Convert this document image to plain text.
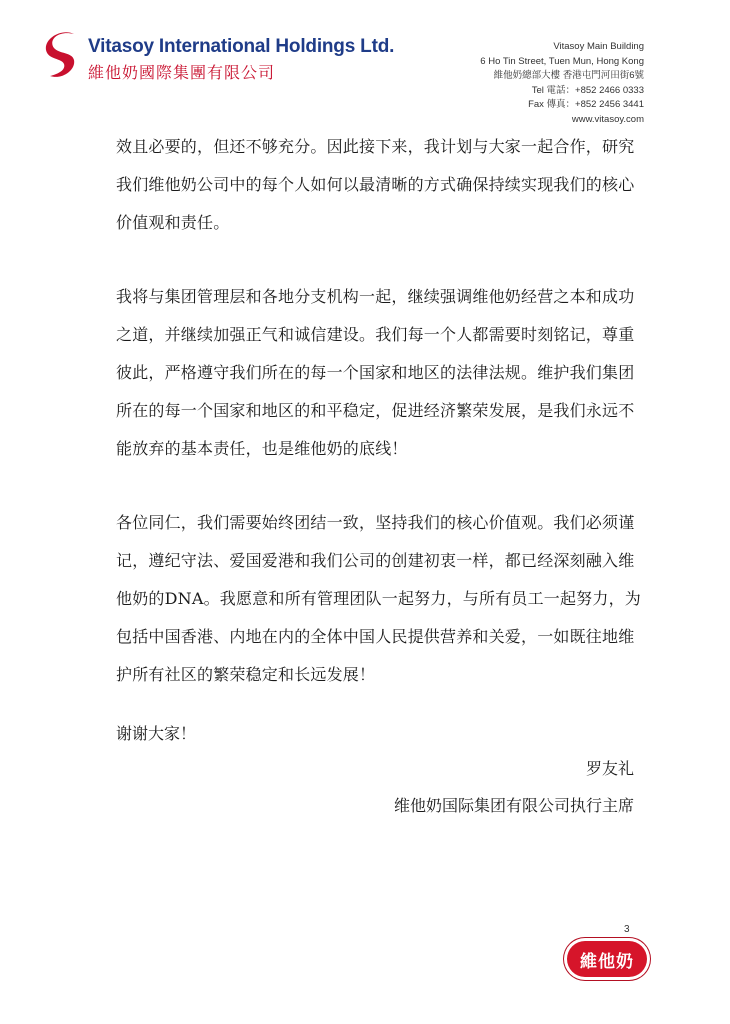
Vitasoy International Holdings Ltd.
維他奶國際集團有限公司
Vitasoy Main Building
6 Ho Tin Street, Tuen Mun, Hong Kong
維他奶總部大樓 香港屯門河田街6號
Tel 電話：+852 2466 0333
Fax 傳真：+852 2456 3441
www.vitasoy.com

效且必要的，但还不够充分。因此接下来，我计划与大家一起合作，研究我们维他奶公司中的每个人如何以最清晰的方式确保持续实现我们的核心价值观和责任。

我将与集团管理层和各地分支机构一起，继续强调维他奶经营之本和成功之道，并继续加强正气和诚信建设。我们每一个人都需要时刻铭记，尊重彼此，严格遵守我们所在的每一个国家和地区的法律法规。维护我们集团所在的每一个国家和地区的和平稳定，促进经济繁荣发展，是我们永远不能放弃的基本责任，也是维他奶的底线！

各位同仁，我们需要始终团结一致，坚持我们的核心价值观。我们必须谨记，遵纪守法、爱国爱港和我们公司的创建初衷一样，都已经深刻融入维他奶的DNA。我愿意和所有管理团队一起努力，与所有员工一起努力，为包括中国香港、内地在内的全体中国人民提供营养和关爱，一如既往地维护所有社区的繁荣稳定和长远发展！

谢谢大家！
罗友礼
维他奶国际集团有限公司执行主席
3
維他奶
